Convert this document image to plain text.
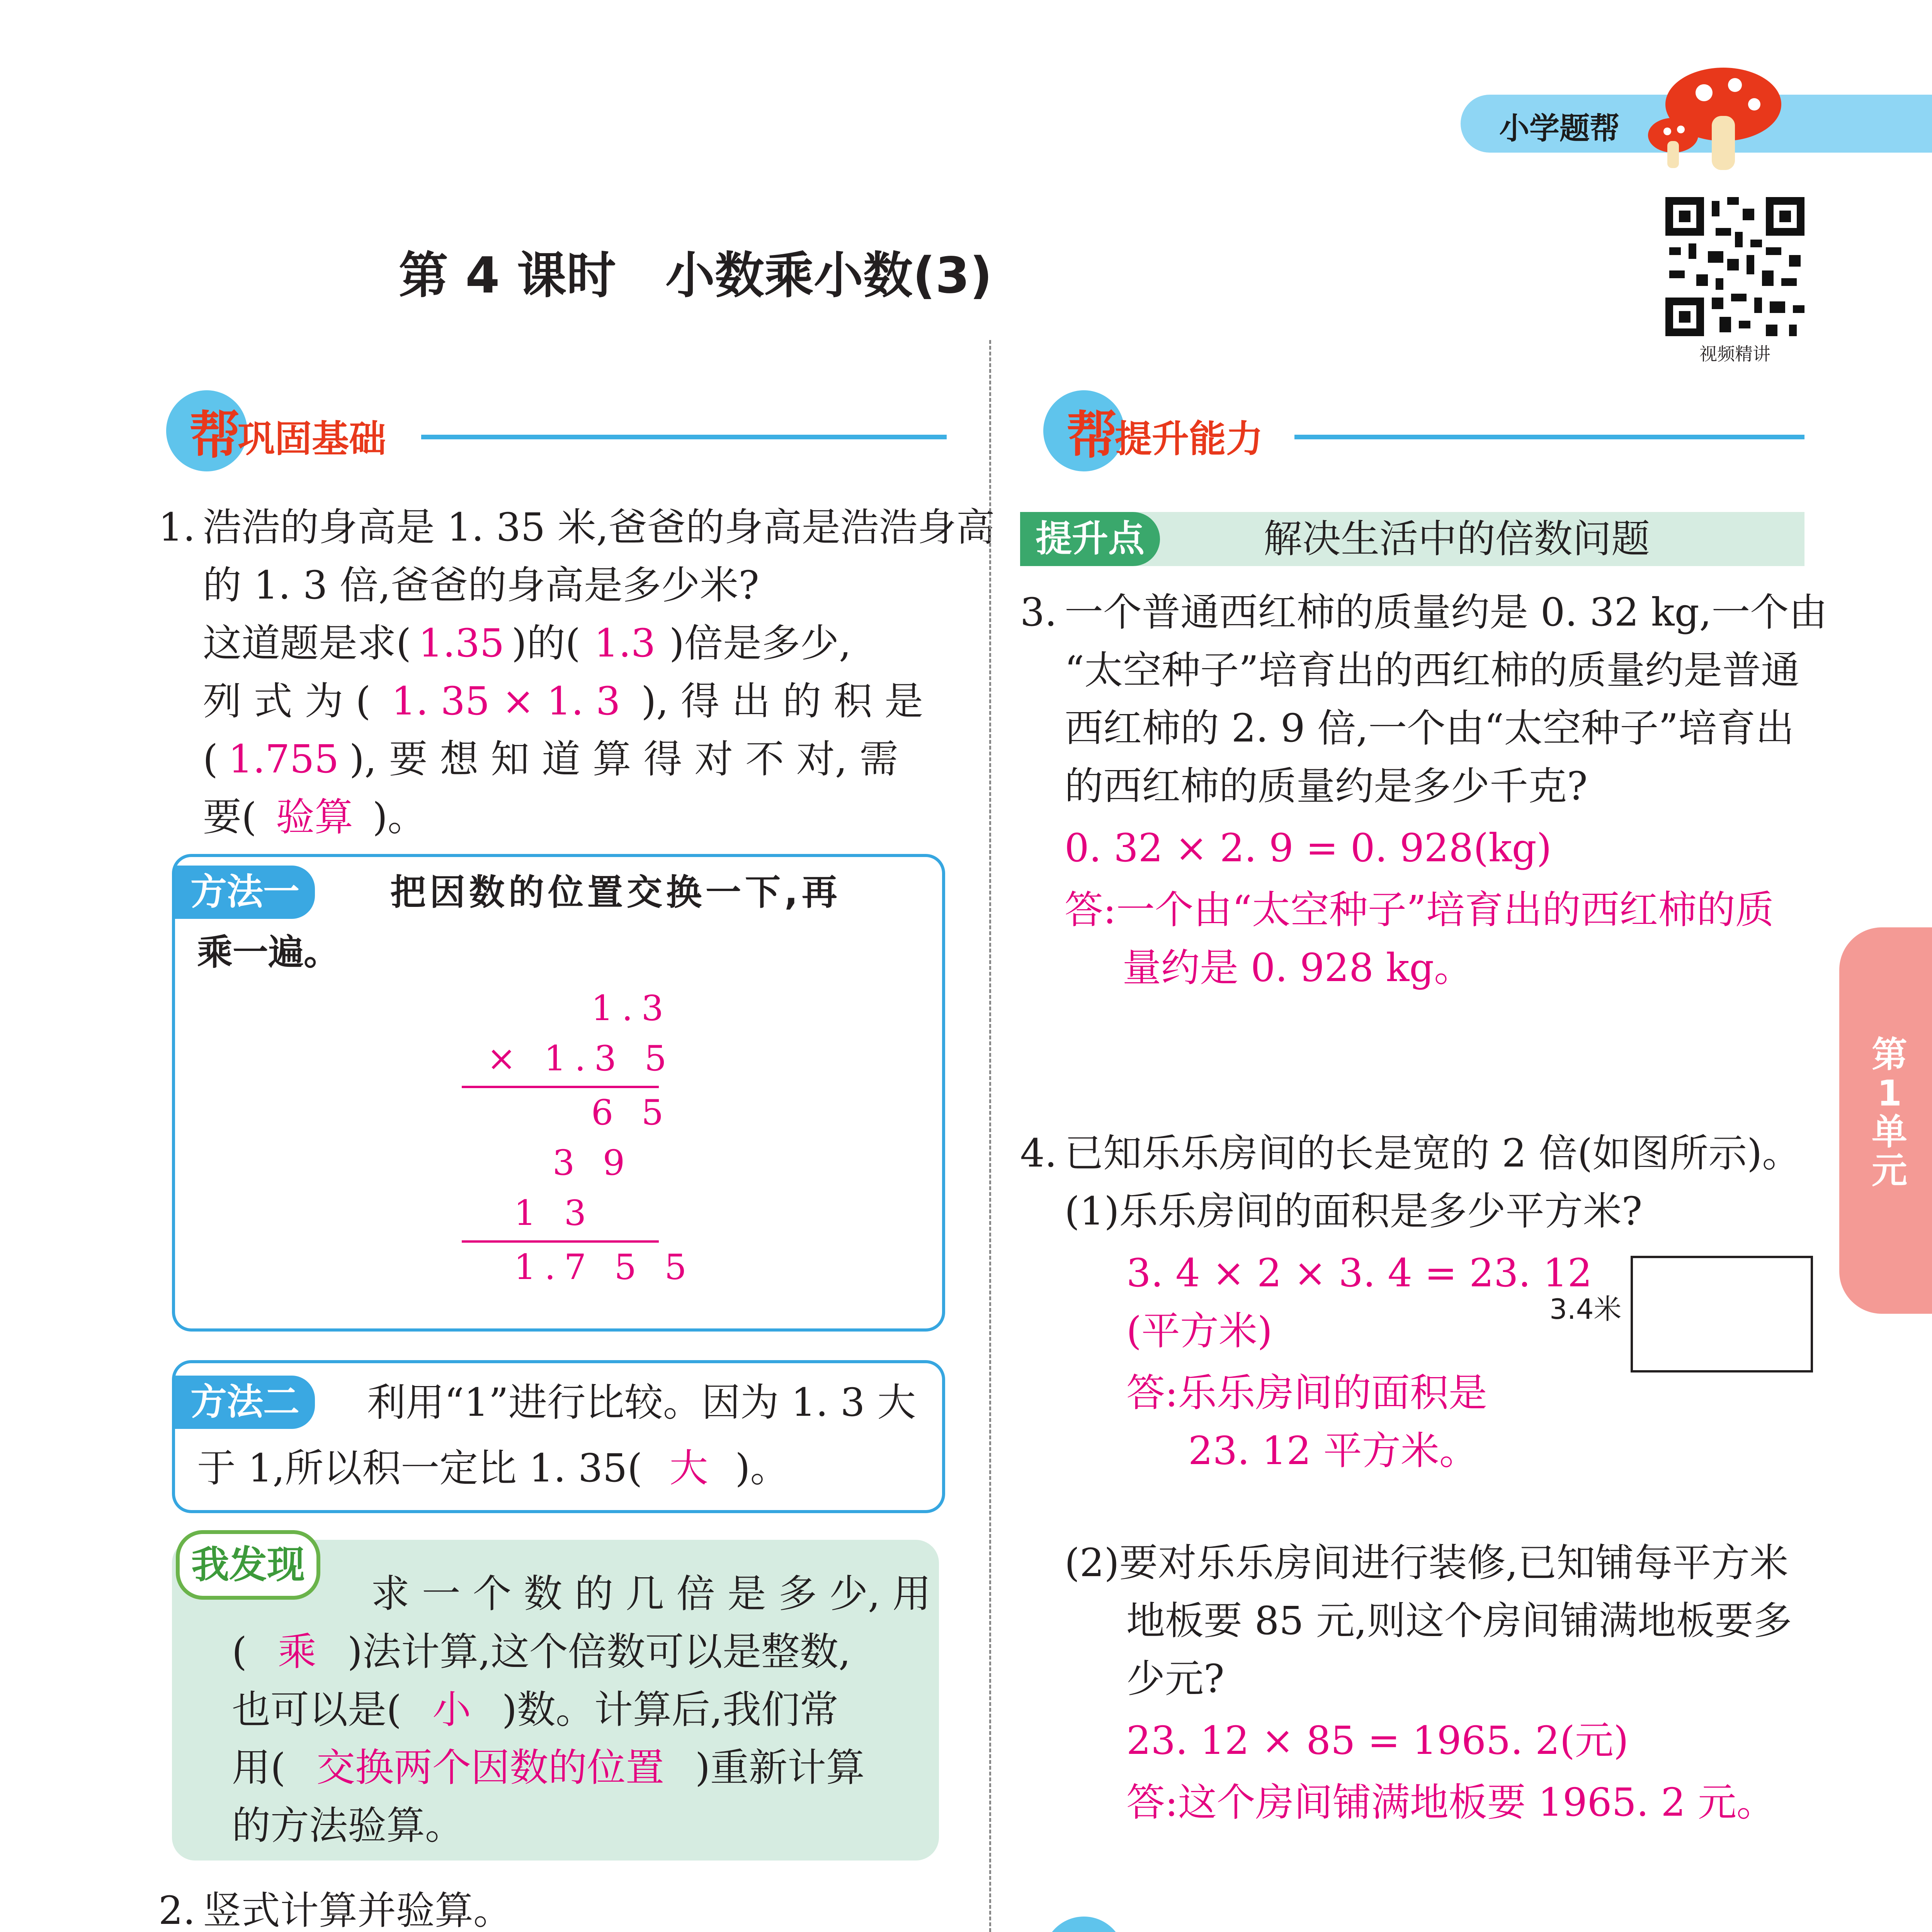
小学题帮
第 4 课时　小数乘小数(3)
视频精讲
帮
巩固基础
1. 浩浩的身高是 1. 35 米,爸爸的身高是浩浩身高
的 1. 3 倍,爸爸的身高是多少米?
这道题是求( 1.35 )的( 1.3 )倍是多少,
列 式 为 ( 1. 35 × 1. 3 ), 得 出 的 积 是
( 1.755 ), 要 想 知 道 算 得 对 不 对, 需
要( 验算 )。
方法一	把因数的位置交换一下,再
乘一遍。
1.3
× 1.3 5
6 5
3 9
1 3
1.7 5 5
方法二	利用“1”进行比较。因为 1. 3 大
于 1,所以积一定比 1. 35( 大 )。
我发现
求 一 个 数 的 几 倍 是 多 少, 用
( 乘 )法计算,这个倍数可以是整数,
也可以是( 小 )数。计算后,我们常
用( 交换两个因数的位置 )重新计算
的方法验算。
2. 竖式计算并验算。
帮
提升能力
提升点	解决生活中的倍数问题
3. 一个普通西红柿的质量约是 0. 32 kg,一个由
“太空种子”培育出的西红柿的质量约是普通
西红柿的 2. 9 倍,一个由“太空种子”培育出
的西红柿的质量约是多少千克?
0. 32 × 2. 9 = 0. 928(kg)
答:一个由“太空种子”培育出的西红柿的质
量约是 0. 928 kg。
4. 已知乐乐房间的长是宽的 2 倍(如图所示)。
(1)乐乐房间的面积是多少平方米?
3. 4 × 2 × 3. 4 = 23. 12
(平方米)
答:乐乐房间的面积是
23. 12 平方米。
3.4米
(2)要对乐乐房间进行装修,已知铺每平方米
地板要 85 元,则这个房间铺满地板要多
少元?
23. 12 × 85 = 1965. 2(元)
答:这个房间铺满地板要 1965. 2 元。
第
1
单
元
